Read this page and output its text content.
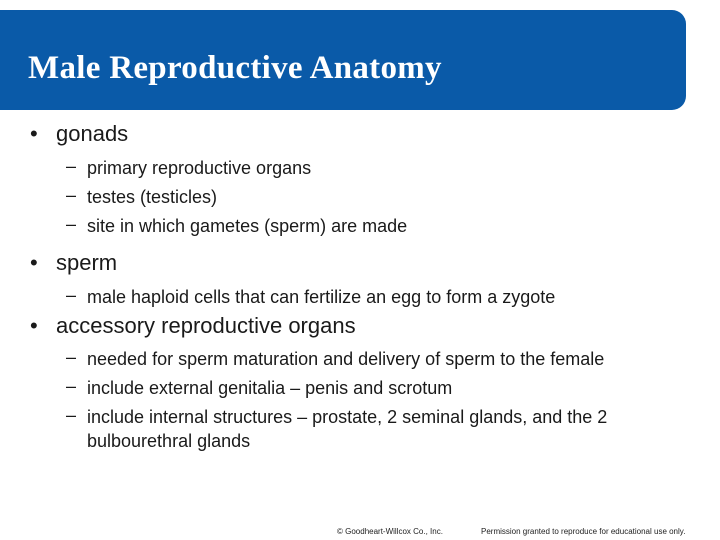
Male Reproductive Anatomy
• gonads
– primary reproductive organs
– testes (testicles)
– site in which gametes (sperm) are made
• sperm
– male haploid cells that can fertilize an egg to form a zygote
• accessory reproductive organs
– needed for sperm maturation and delivery of sperm to the female
– include external genitalia – penis and scrotum
– include internal structures – prostate, 2 seminal glands, and the 2 bulbourethral glands
© Goodheart-Willcox Co., Inc.	Permission granted to reproduce for educational use only.
